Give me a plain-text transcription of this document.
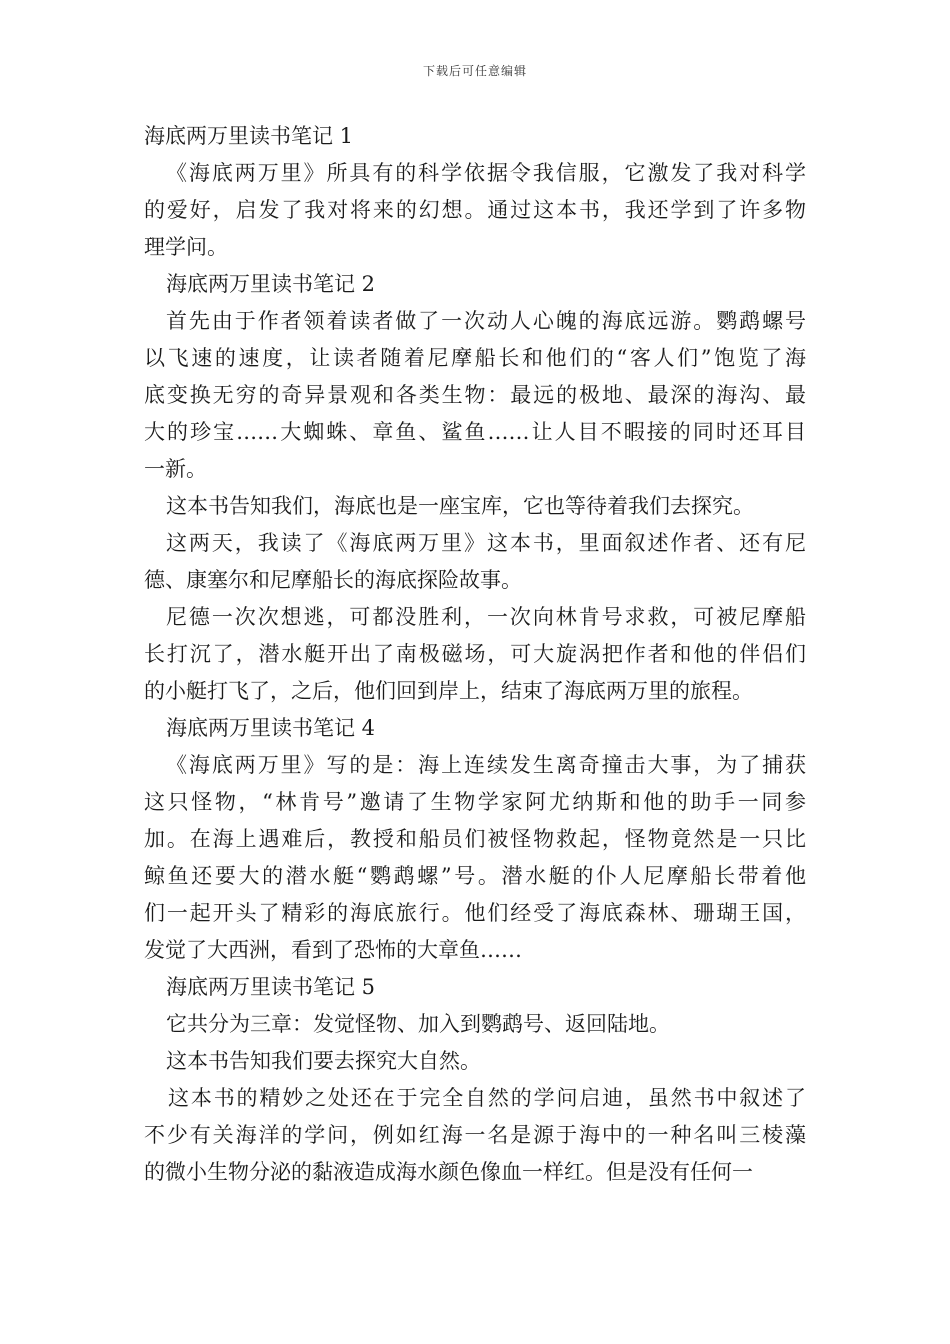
下载后可任意编辑
海底两万里读书笔记 1
《海底两万里》所具有的科学依据令我信服，它激发了我对科学
的爱好，启发了我对将来的幻想。通过这本书，我还学到了许多物
理学问。
海底两万里读书笔记 2
首先由于作者领着读者做了一次动人心魄的海底远游。鹦鹉螺号
以飞速的速度，让读者随着尼摩船长和他们的“客人们”饱览了海
底变换无穷的奇异景观和各类生物：最远的极地、最深的海沟、最
大的珍宝……大蜘蛛、章鱼、鲨鱼……让人目不暇接的同时还耳目
一新。
这本书告知我们，海底也是一座宝库，它也等待着我们去探究。
这两天，我读了《海底两万里》这本书，里面叙述作者、还有尼
德、康塞尔和尼摩船长的海底探险故事。
尼德一次次想逃，可都没胜利，一次向林肯号求救，可被尼摩船
长打沉了，潜水艇开出了南极磁场，可大旋涡把作者和他的伴侣们
的小艇打飞了，之后，他们回到岸上，结束了海底两万里的旅程。
海底两万里读书笔记 4
《海底两万里》写的是：海上连续发生离奇撞击大事，为了捕获
这只怪物，“林肯号”邀请了生物学家阿尤纳斯和他的助手一同参
加。在海上遇难后，教授和船员们被怪物救起，怪物竟然是一只比
鲸鱼还要大的潜水艇“鹦鹉螺”号。潜水艇的仆人尼摩船长带着他
们一起开头了精彩的海底旅行。他们经受了海底森林、珊瑚王国，
发觉了大西洲，看到了恐怖的大章鱼……
海底两万里读书笔记 5
它共分为三章：发觉怪物、加入到鹦鹉号、返回陆地。
这本书告知我们要去探究大自然。
这本书的精妙之处还在于完全自然的学问启迪，虽然书中叙述了
不少有关海洋的学问，例如红海一名是源于海中的一种名叫三棱藻
的微小生物分泌的黏液造成海水颜色像血一样红。但是没有任何一
